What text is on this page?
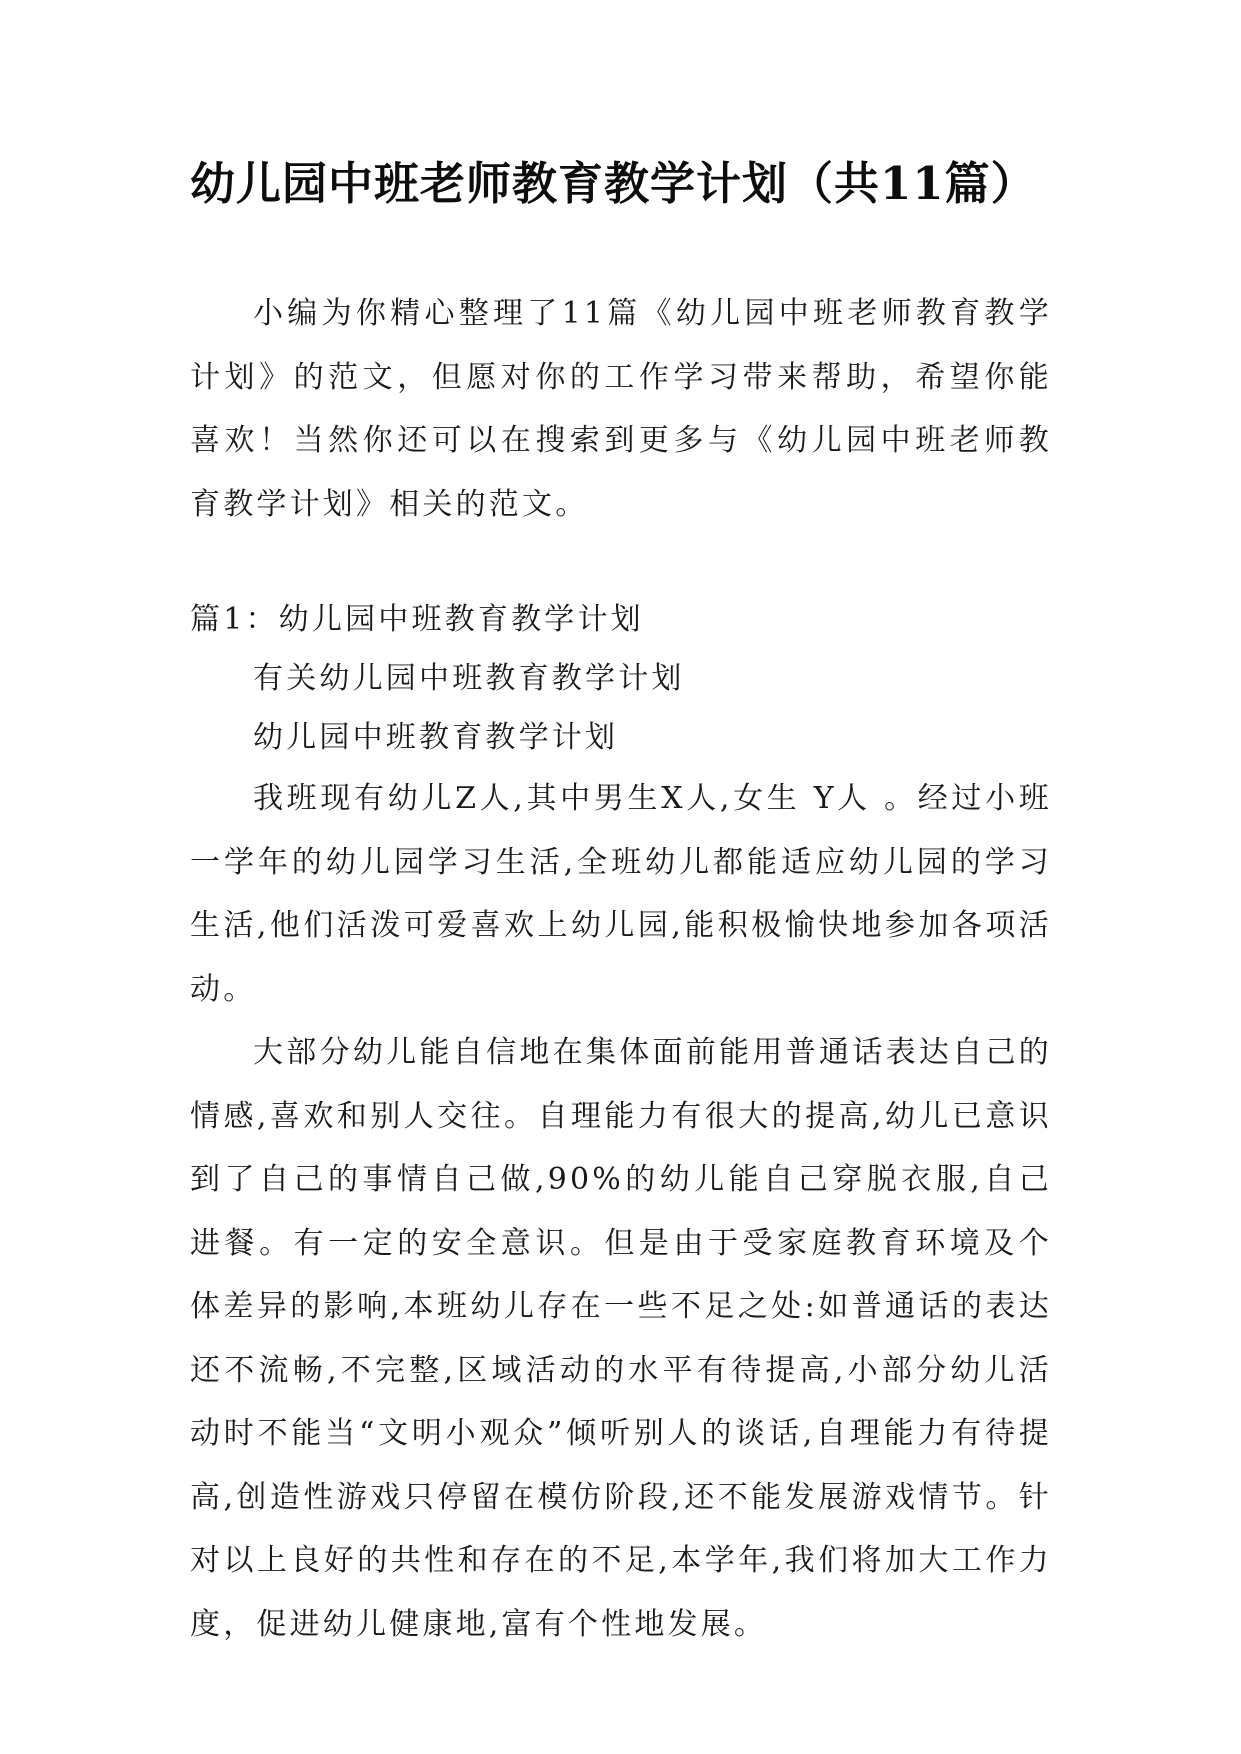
幼儿园中班老师教育教学计划（共11篇）

小编为你精心整理了11篇《幼儿园中班老师教育教学计划》的范文，但愿对你的工作学习带来帮助，希望你能喜欢！当然你还可以在搜索到更多与《幼儿园中班老师教育教学计划》相关的范文。

篇1：幼儿园中班教育教学计划

有关幼儿园中班教育教学计划

幼儿园中班教育教学计划

我班现有幼儿Z人,其中男生X人,女生 Y人 。经过小班一学年的幼儿园学习生活,全班幼儿都能适应幼儿园的学习生活,他们活泼可爱喜欢上幼儿园,能积极愉快地参加各项活动。

大部分幼儿能自信地在集体面前能用普通话表达自己的情感,喜欢和别人交往。自理能力有很大的提高,幼儿已意识到了自己的事情自己做,90%的幼儿能自己穿脱衣服,自己进餐。有一定的安全意识。但是由于受家庭教育环境及个体差异的影响,本班幼儿存在一些不足之处:如普通话的表达还不流畅,不完整,区域活动的水平有待提高,小部分幼儿活动时不能当“文明小观众”倾听别人的谈话,自理能力有待提高,创造性游戏只停留在模仿阶段,还不能发展游戏情节。针对以上良好的共性和存在的不足,本学年,我们将加大工作力度，促进幼儿健康地,富有个性地发展。
